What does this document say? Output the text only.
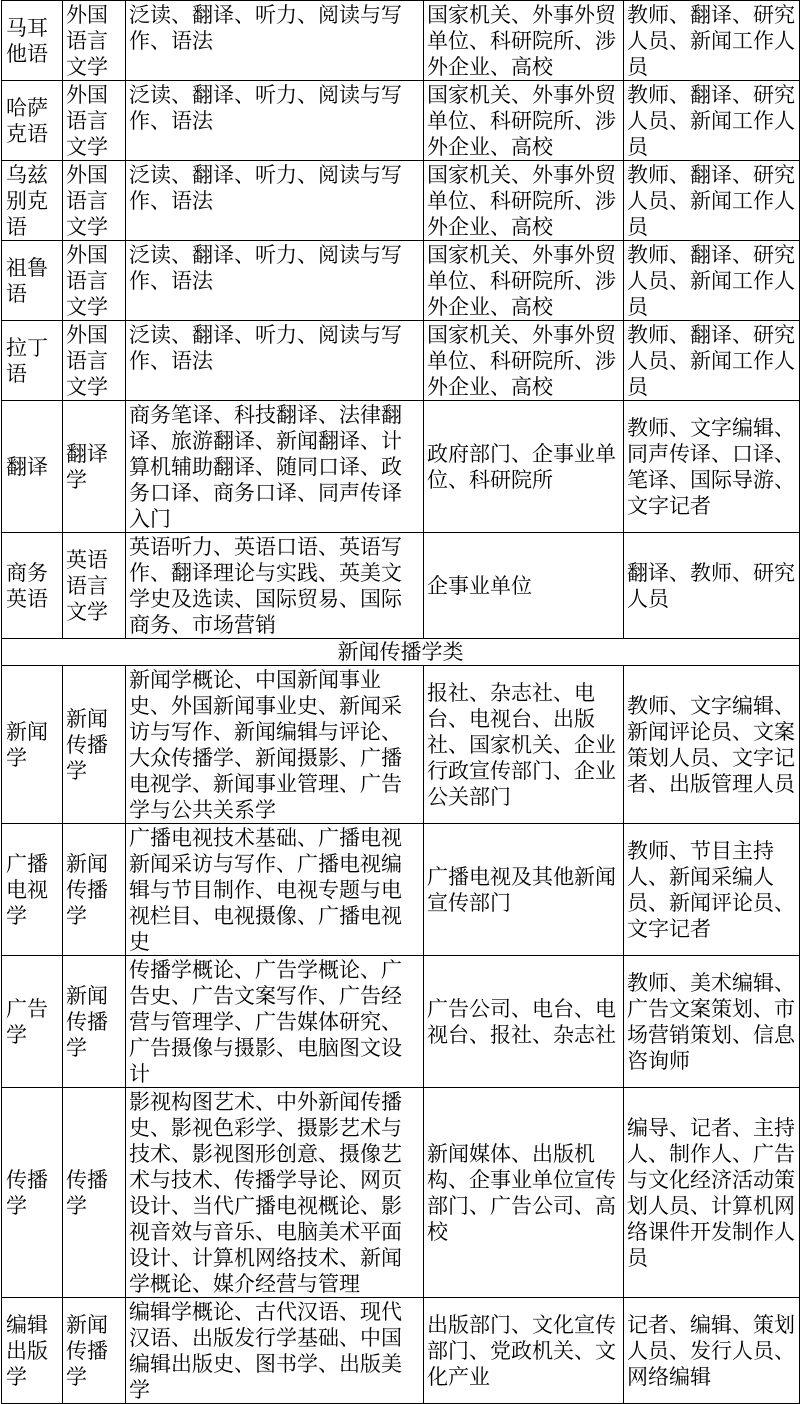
马耳他语	外国语言文学	泛读、翻译、听力、阅读与写作、语法	国家机关、外事外贸单位、科研院所、涉外企业、高校	教师、翻译、研究人员、新闻工作人员
哈萨克语	外国语言文学	泛读、翻译、听力、阅读与写作、语法	国家机关、外事外贸单位、科研院所、涉外企业、高校	教师、翻译、研究人员、新闻工作人员
乌兹别克语	外国语言文学	泛读、翻译、听力、阅读与写作、语法	国家机关、外事外贸单位、科研院所、涉外企业、高校	教师、翻译、研究人员、新闻工作人员
祖鲁语	外国语言文学	泛读、翻译、听力、阅读与写作、语法	国家机关、外事外贸单位、科研院所、涉外企业、高校	教师、翻译、研究人员、新闻工作人员
拉丁语	外国语言文学	泛读、翻译、听力、阅读与写作、语法	国家机关、外事外贸单位、科研院所、涉外企业、高校	教师、翻译、研究人员、新闻工作人员
翻译	翻译学	商务笔译、科技翻译、法律翻译、旅游翻译、新闻翻译、计算机辅助翻译、随同口译、政务口译、商务口译、同声传译入门	政府部门、企事业单位、科研院所	教师、文字编辑、同声传译、口译、笔译、国际导游、文字记者
商务英语	英语语言文学	英语听力、英语口语、英语写作、翻译理论与实践、英美文学史及选读、国际贸易、国际商务、市场营销	企事业单位	翻译、教师、研究人员
新闻传播学类				
新闻学	新闻传播学	新闻学概论、中国新闻事业史、外国新闻事业史、新闻采访与写作、新闻编辑与评论、大众传播学、新闻摄影、广播电视学、新闻事业管理、广告学与公共关系学	报社、杂志社、电台、电视台、出版社、国家机关、企业行政宣传部门、企业公关部门	教师、文字编辑、新闻评论员、文案策划人员、文字记者、出版管理人员
广播电视学	新闻传播学	广播电视技术基础、广播电视新闻采访与写作、广播电视编辑与节目制作、电视专题与电视栏目、电视摄像、广播电视史	广播电视及其他新闻宣传部门	教师、节目主持人、新闻采编人员、新闻评论员、文字记者
广告学	新闻传播学	传播学概论、广告学概论、广告史、广告文案写作、广告经营与管理学、广告媒体研究、广告摄像与摄影、电脑图文设计	广告公司、电台、电视台、报社、杂志社	教师、美术编辑、广告文案策划、市场营销策划、信息咨询师
传播学	传播学	影视构图艺术、中外新闻传播史、影视色彩学、摄影艺术与技术、影视图形创意、摄像艺术与技术、传播学导论、网页设计、当代广播电视概论、影视音效与音乐、电脑美术平面设计、计算机网络技术、新闻学概论、媒介经营与管理	新闻媒体、出版机构、企事业单位宣传部门、广告公司、高校	编导、记者、主持人、制作人、广告与文化经济活动策划人员、计算机网络课件开发制作人员
编辑出版学	新闻传播学	编辑学概论、古代汉语、现代汉语、出版发行学基础、中国编辑出版史、图书学、出版美学	出版部门、文化宣传部门、党政机关、文化产业	记者、编辑、策划人员、发行人员、网络编辑
